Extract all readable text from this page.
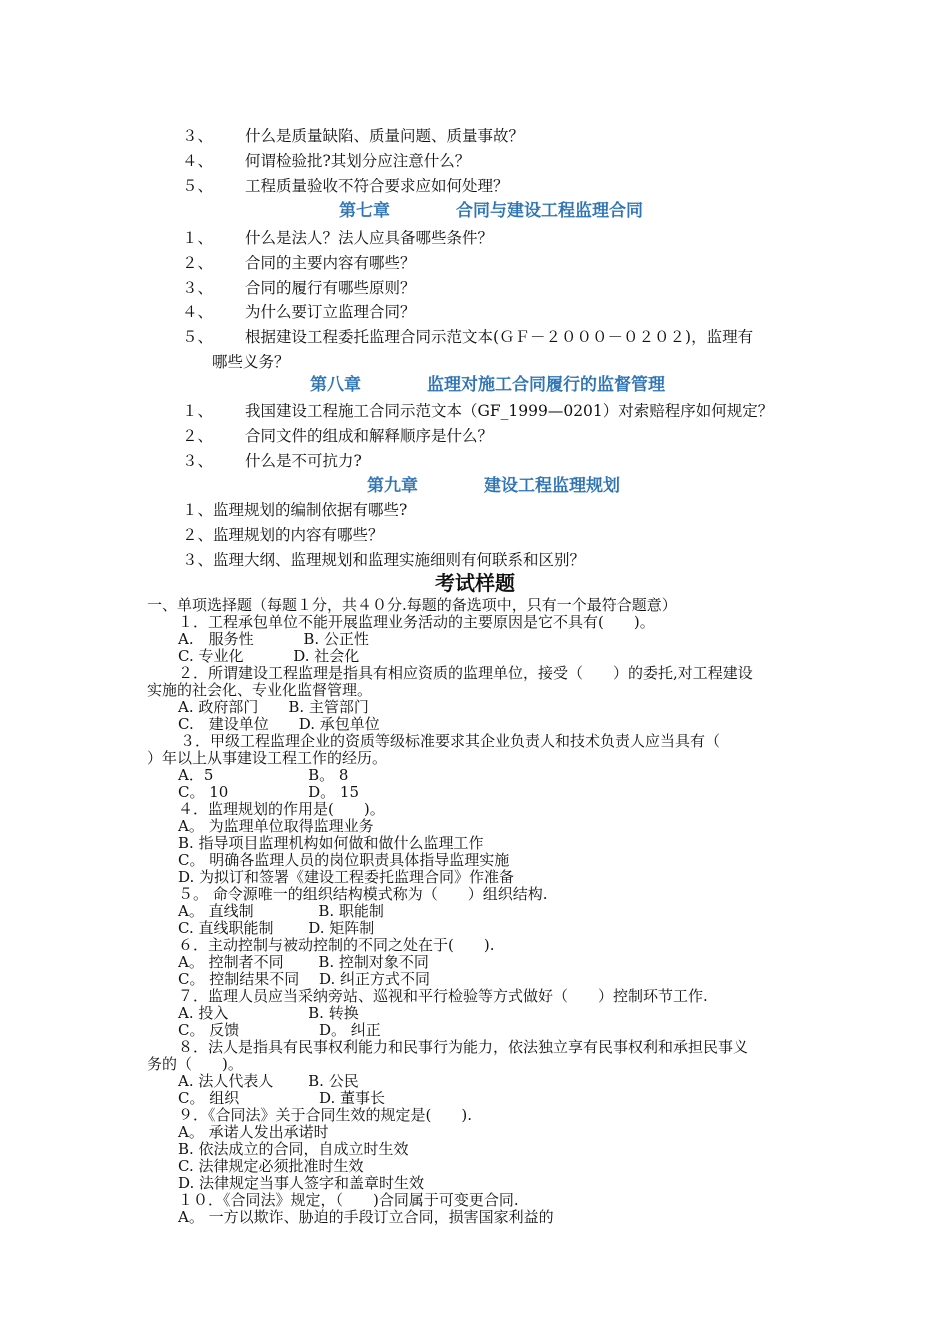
３、 什么是质量缺陷、质量问题、质量事故？
４、 何谓检验批?其划分应注意什么？
５、 工程质量验收不符合要求应如何处理？
第七章	合同与建设工程监理合同
１、 什么是法人？法人应具备哪些条件？
２、 合同的主要内容有哪些？
３、 合同的履行有哪些原则？
４、 为什么要订立监理合同？
５、 根据建设工程委托监理合同示范文本(ＧＦ－２０００－０２０２)，监理有
哪些义务？
第八章	监理对施工合同履行的监督管理
１、 我国建设工程施工合同示范文本（GF_1999—0201）对索赔程序如何规定？
２、 合同文件的组成和解释顺序是什么？
３、 什么是不可抗力?
第九章	建设工程监理规划
１、监理规划的编制依据有哪些?
２、监理规划的内容有哪些？
３、监理大纲、监理规划和监理实施细则有何联系和区别？
考试样题
一、单项选择题（每题１分，共４０分.每题的备选项中，只有一个最符合题意）
１．工程承包单位不能开展监理业务活动的主要原因是它不具有(　　)。
A.　服务性　　　 B. 公正性
C. 专业化　　　 D. 社会化
２．所谓建设工程监理是指具有相应资质的监理单位，接受（　　）的委托,对工程建设
实施的社会化、专业化监督管理。
A. 政府部门　　B. 主管部门
C.　建设单位　　D. 承包单位
３．甲级工程监理企业的资质等级标准要求其企业负责人和技术负责人应当具有（
）年以上从事建设工程工作的经历。
A．5　　　　　　 B。 8
C。 10　　　　　 D。 15
４．监理规划的作用是(　　)。
A。 为监理单位取得监理业务
B. 指导项目监理机构如何做和做什么监理工作
C。 明确各监理人员的岗位职责具体指导监理实施
D. 为拟订和签署《建设工程委托监理合同》作准备
５。 命令源唯一的组织结构模式称为（　　）组织结构.
A。 直线制　　　　 B. 职能制
C. 直线职能制　　 D. 矩阵制
６．主动控制与被动控制的不同之处在于(　　).
A。 控制者不同　　 B. 控制对象不同
C。 控制结果不同　 D. 纠正方式不同
７．监理人员应当采纳旁站、巡视和平行检验等方式做好（　　）控制环节工作.
A. 投入　　　　　 B. 转换
C。 反馈　　　　　 D。 纠正
８．法人是指具有民事权利能力和民事行为能力，依法独立享有民事权利和承担民事义
务的（　　)。
A. 法人代表人　　 B. 公民
C。 组织　　　　　 D. 董事长
９．《合同法》关于合同生效的规定是(　　).
A。 承诺人发出承诺时
B. 依法成立的合同，自成立时生效
C. 法律规定必须批准时生效
D. 法律规定当事人签字和盖章时生效
１０．《合同法》规定，（　　)合同属于可变更合同.
A。 一方以欺诈、胁迫的手段订立合同，损害国家利益的
